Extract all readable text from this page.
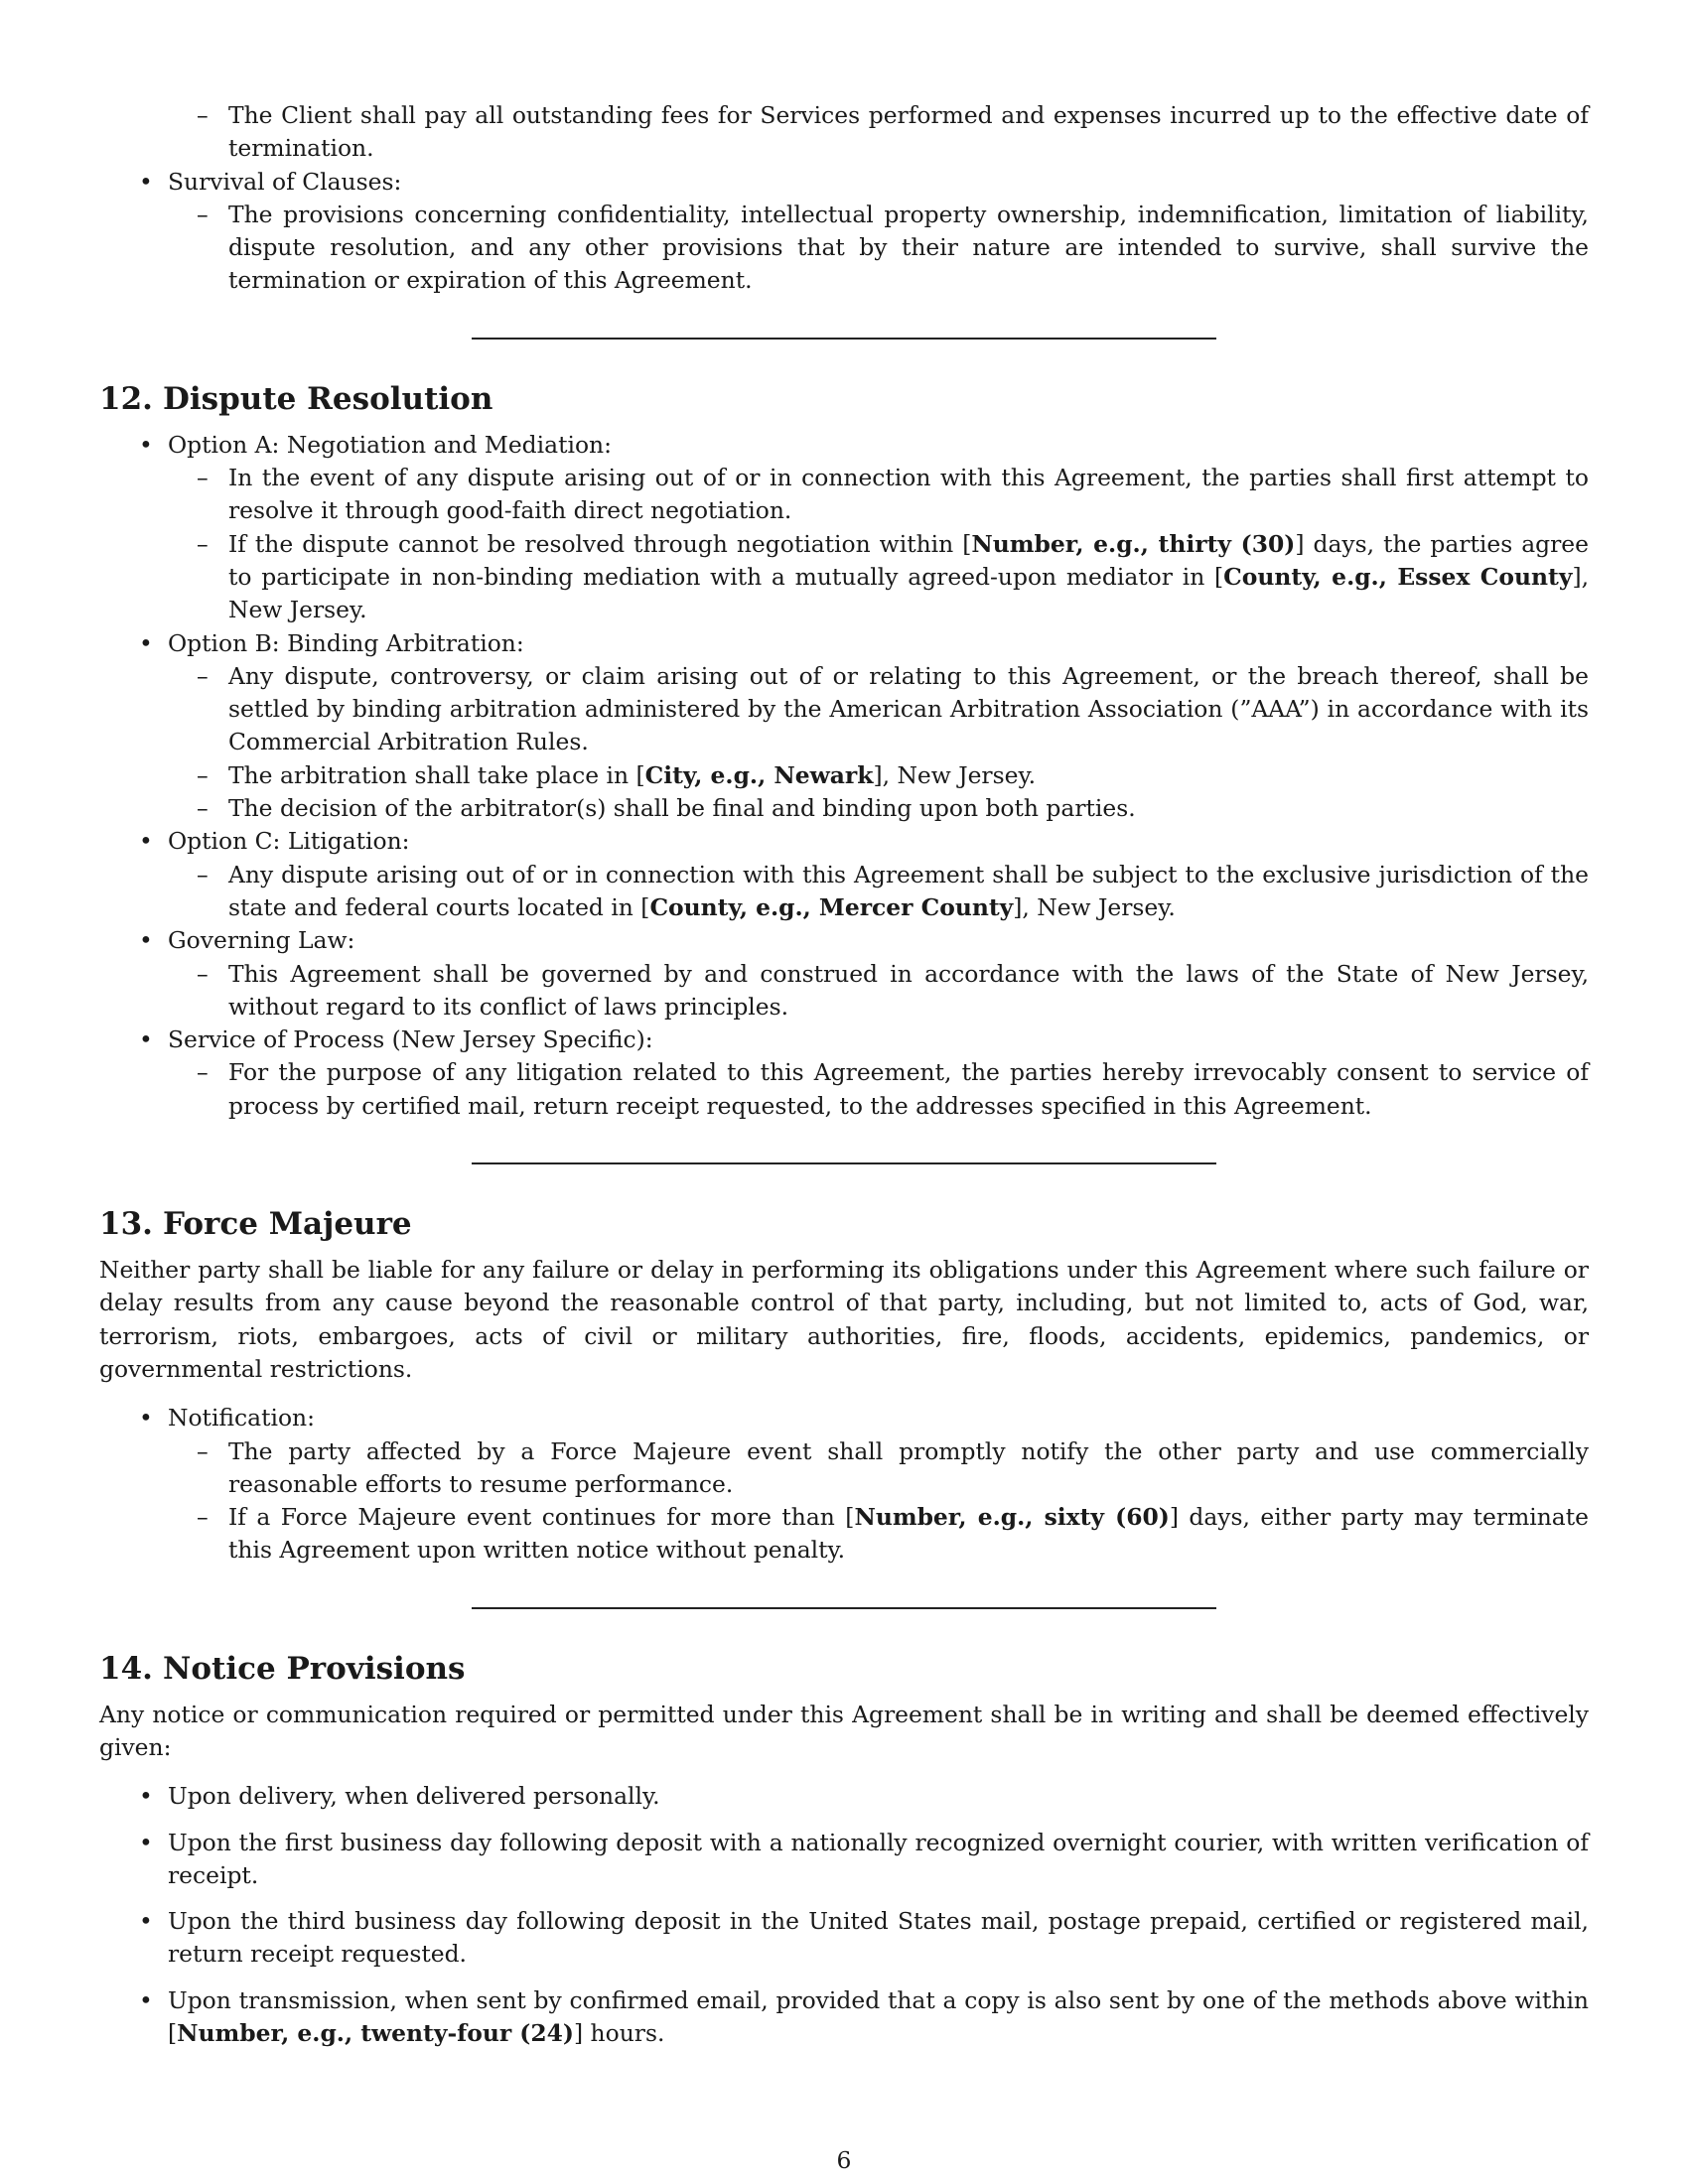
– The Client shall pay all outstanding fees for Services performed and expenses incurred up to the effective date of termination.
• Survival of Clauses:
– The provisions concerning confidentiality, intellectual property ownership, indemnification, limitation of liability, dispute resolution, and any other provisions that by their nature are intended to survive, shall survive the termination or expiration of this Agreement.
12. Dispute Resolution
• Option A: Negotiation and Mediation:
– In the event of any dispute arising out of or in connection with this Agreement, the parties shall first attempt to resolve it through good-faith direct negotiation.
– If the dispute cannot be resolved through negotiation within [Number, e.g., thirty (30)] days, the parties agree to participate in non-binding mediation with a mutually agreed-upon mediator in [County, e.g., Essex County], New Jersey.
• Option B: Binding Arbitration:
– Any dispute, controversy, or claim arising out of or relating to this Agreement, or the breach thereof, shall be settled by binding arbitration administered by the American Arbitration Association (”AAA”) in accordance with its Commercial Arbitration Rules.
– The arbitration shall take place in [City, e.g., Newark], New Jersey.
– The decision of the arbitrator(s) shall be final and binding upon both parties.
• Option C: Litigation:
– Any dispute arising out of or in connection with this Agreement shall be subject to the exclusive jurisdiction of the state and federal courts located in [County, e.g., Mercer County], New Jersey.
• Governing Law:
– This Agreement shall be governed by and construed in accordance with the laws of the State of New Jersey, without regard to its conflict of laws principles.
• Service of Process (New Jersey Specific):
– For the purpose of any litigation related to this Agreement, the parties hereby irrevocably consent to service of process by certified mail, return receipt requested, to the addresses specified in this Agreement.
13. Force Majeure

Neither party shall be liable for any failure or delay in performing its obligations under this Agreement where such failure or delay results from any cause beyond the reasonable control of that party, including, but not limited to, acts of God, war, terrorism, riots, embargoes, acts of civil or military authorities, fire, floods, accidents, epidemics, pandemics, or governmental restrictions.

• Notification:
– The party affected by a Force Majeure event shall promptly notify the other party and use commercially reasonable efforts to resume performance.
– If a Force Majeure event continues for more than [Number, e.g., sixty (60)] days, either party may terminate this Agreement upon written notice without penalty.
14. Notice Provisions

Any notice or communication required or permitted under this Agreement shall be in writing and shall be deemed effectively given:

• Upon delivery, when delivered personally.
• Upon the first business day following deposit with a nationally recognized overnight courier, with written verification of receipt.
• Upon the third business day following deposit in the United States mail, postage prepaid, certified or registered mail, return receipt requested.
• Upon transmission, when sent by confirmed email, provided that a copy is also sent by one of the methods above within [Number, e.g., twenty-four (24)] hours.
6
